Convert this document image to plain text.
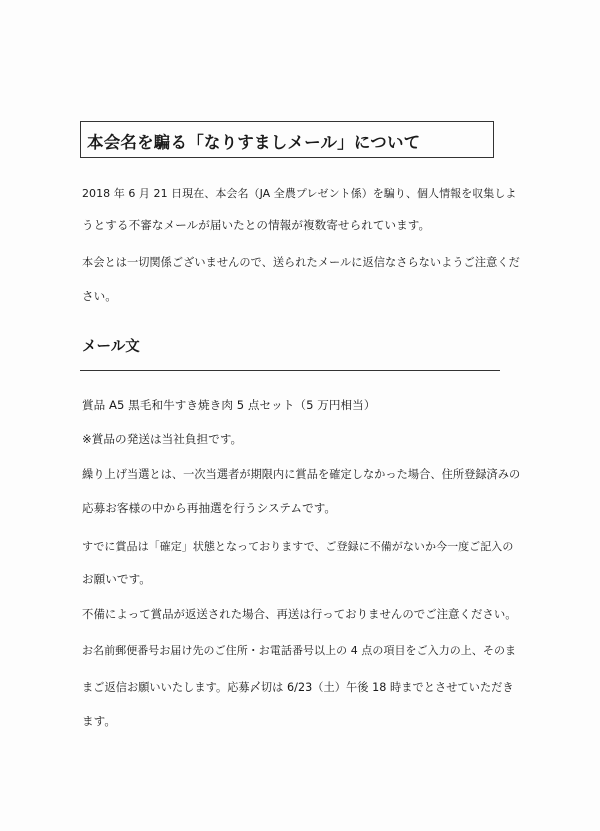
本会名を騙る「なりすましメール」について
2018 年 6 月 21 日現在、本会名（JA 全農プレゼント係）を騙り、個人情報を収集しよ
うとする不審なメールが届いたとの情報が複数寄せられています。
本会とは一切関係ございませんので、送られたメールに返信なさらないようご注意くだ
さい。
メール文
賞品 A5 黒毛和牛すき焼き肉 5 点セット（5 万円相当）
※賞品の発送は当社負担です。
繰り上げ当選とは、一次当選者が期限内に賞品を確定しなかった場合、住所登録済みの
応募お客様の中から再抽選を行うシステムです。
すでに賞品は「確定」状態となっておりますで、ご登録に不備がないか今一度ご記入の
お願いです。
不備によって賞品が返送された場合、再送は行っておりませんのでご注意ください。
お名前郵便番号お届け先のご住所・お電話番号以上の 4 点の項目をご入力の上、そのま
まご返信お願いいたします。応募〆切は 6/23（土）午後 18 時までとさせていただき
ます。
